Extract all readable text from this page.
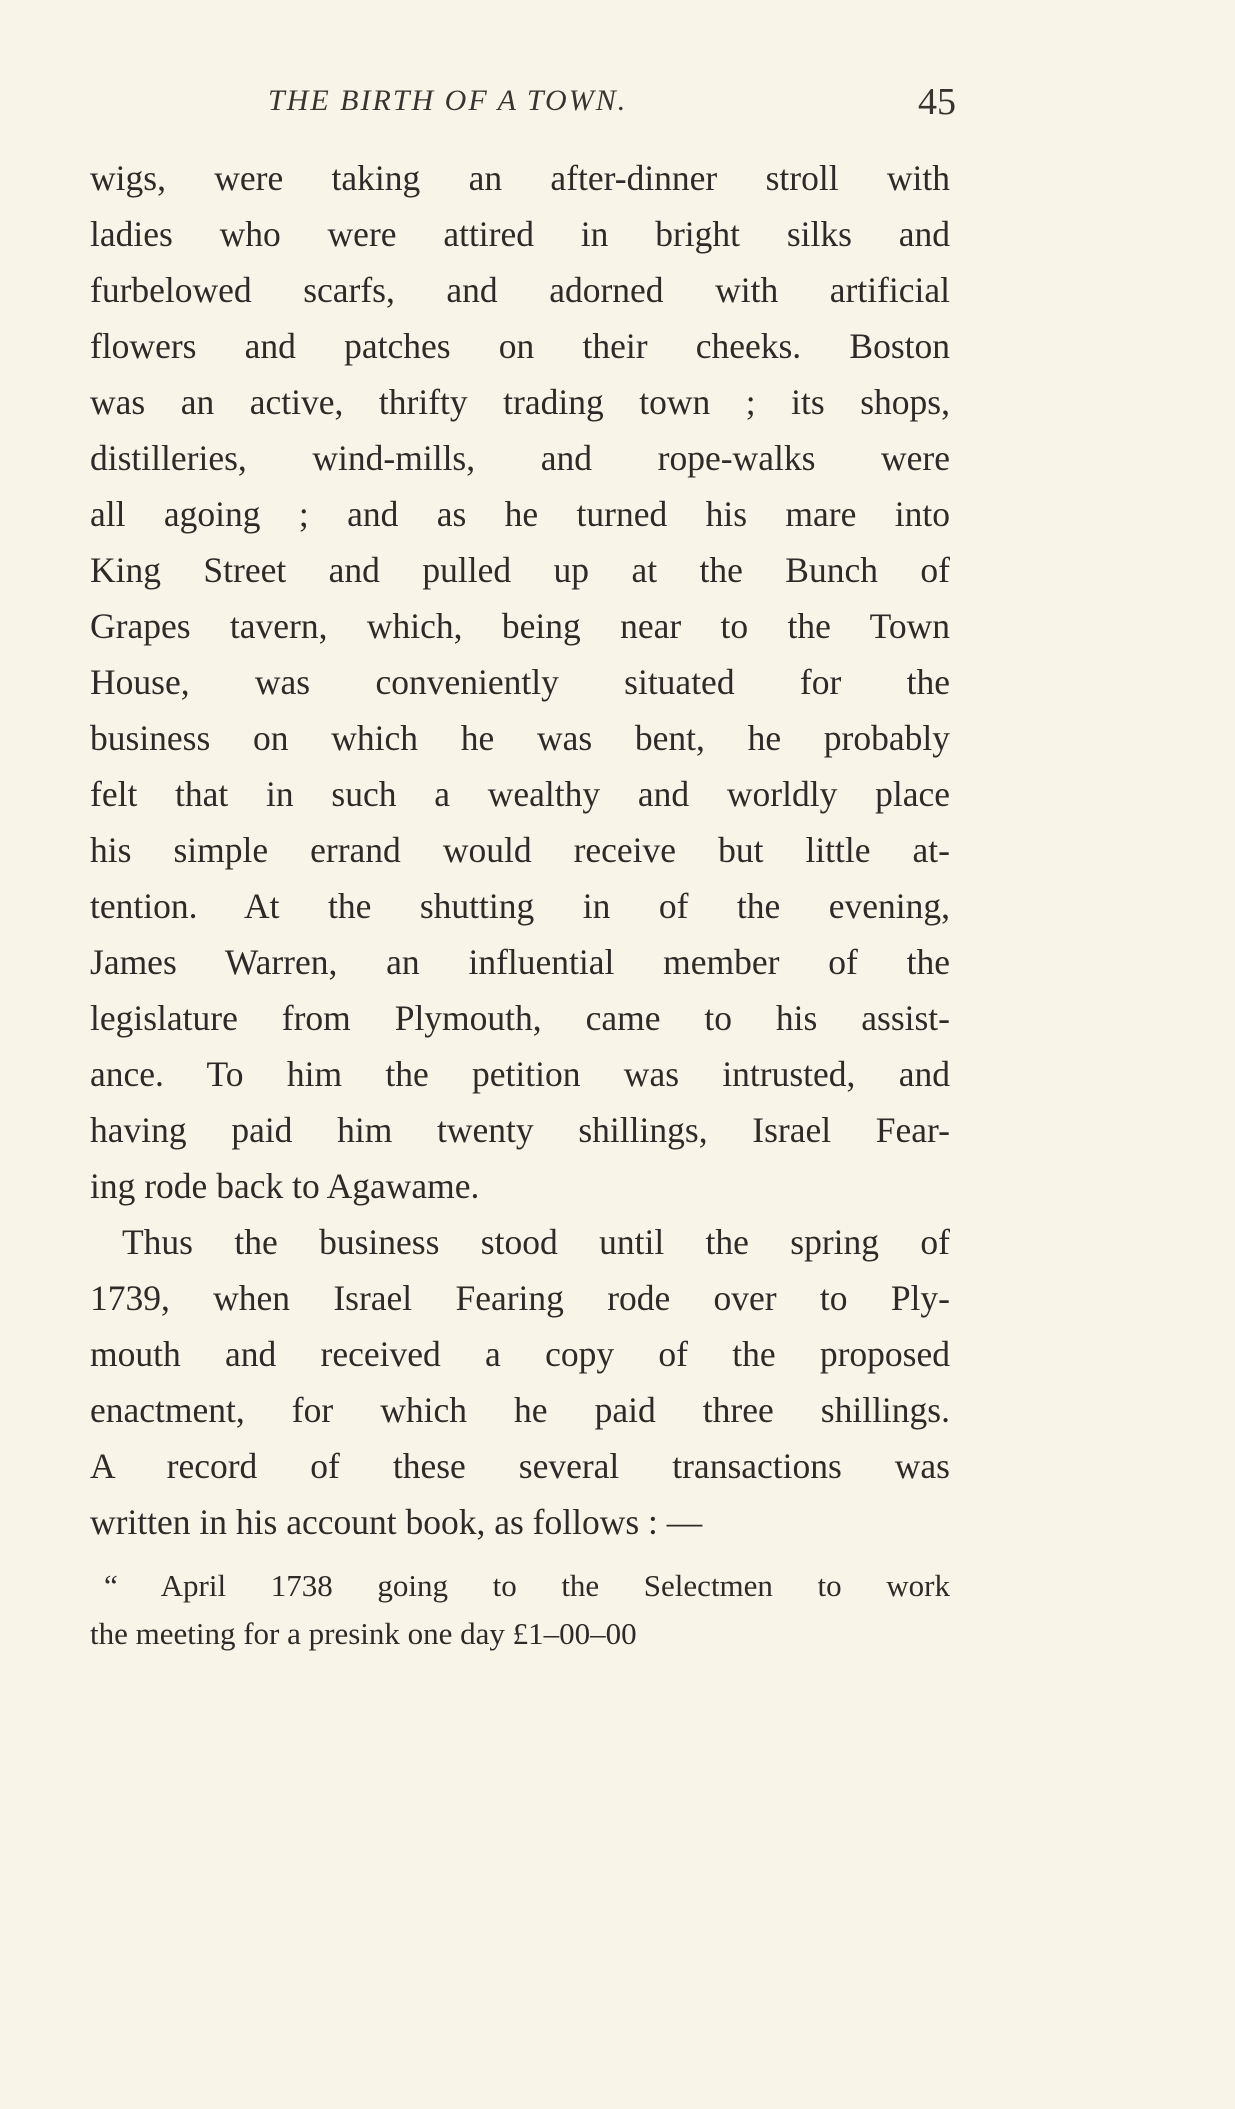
THE BIRTH OF A TOWN.	45
wigs, were taking an after-dinner stroll with
ladies who were attired in bright silks and
furbelowed scarfs, and adorned with artificial
flowers and patches on their cheeks. Boston
was an active, thrifty trading town ; its shops,
distilleries, wind-mills, and rope-walks were
all agoing ; and as he turned his mare into
King Street and pulled up at the Bunch of
Grapes tavern, which, being near to the Town
House, was conveniently situated for the
business on which he was bent, he probably
felt that in such a wealthy and worldly place
his simple errand would receive but little at-
tention. At the shutting in of the evening,
James Warren, an influential member of the
legislature from Plymouth, came to his assist-
ance. To him the petition was intrusted, and
having paid him twenty shillings, Israel Fear-
ing rode back to Agawame.
Thus the business stood until the spring of
1739, when Israel Fearing rode over to Ply-
mouth and received a copy of the proposed
enactment, for which he paid three shillings.
A record of these several transactions was
written in his account book, as follows : —
“ April 1738 going to the Selectmen to work
the meeting for a presink one day £1–00–00
